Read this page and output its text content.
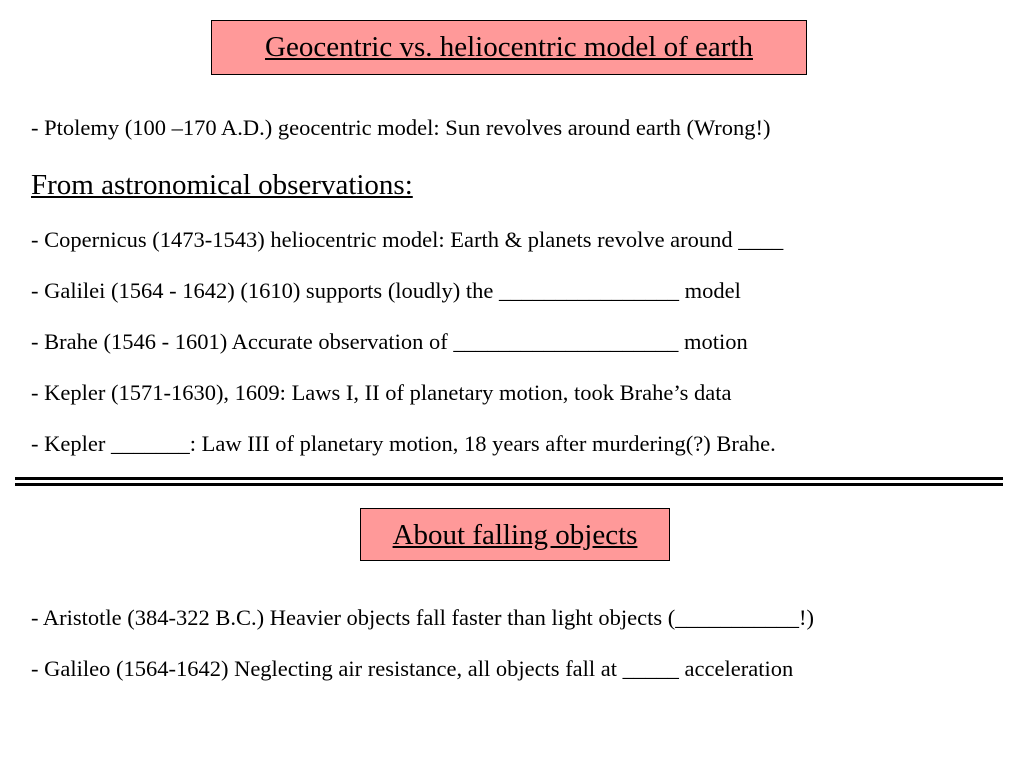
Geocentric vs. heliocentric model of earth
- Ptolemy (100 –170 A.D.) geocentric model: Sun revolves around earth (Wrong!)
From astronomical observations:
- Copernicus (1473-1543) heliocentric model: Earth & planets revolve around ____
- Galilei (1564 - 1642) (1610) supports (loudly) the ________________ model
- Brahe (1546 - 1601) Accurate observation of ____________________ motion
- Kepler (1571-1630), 1609: Laws I, II of planetary motion, took Brahe’s data
- Kepler _______: Law III of planetary motion, 18 years after murdering(?) Brahe.
About falling objects
- Aristotle (384-322 B.C.) Heavier objects fall faster than light objects (___________!)
- Galileo (1564-1642) Neglecting air resistance, all objects fall at _____ acceleration
